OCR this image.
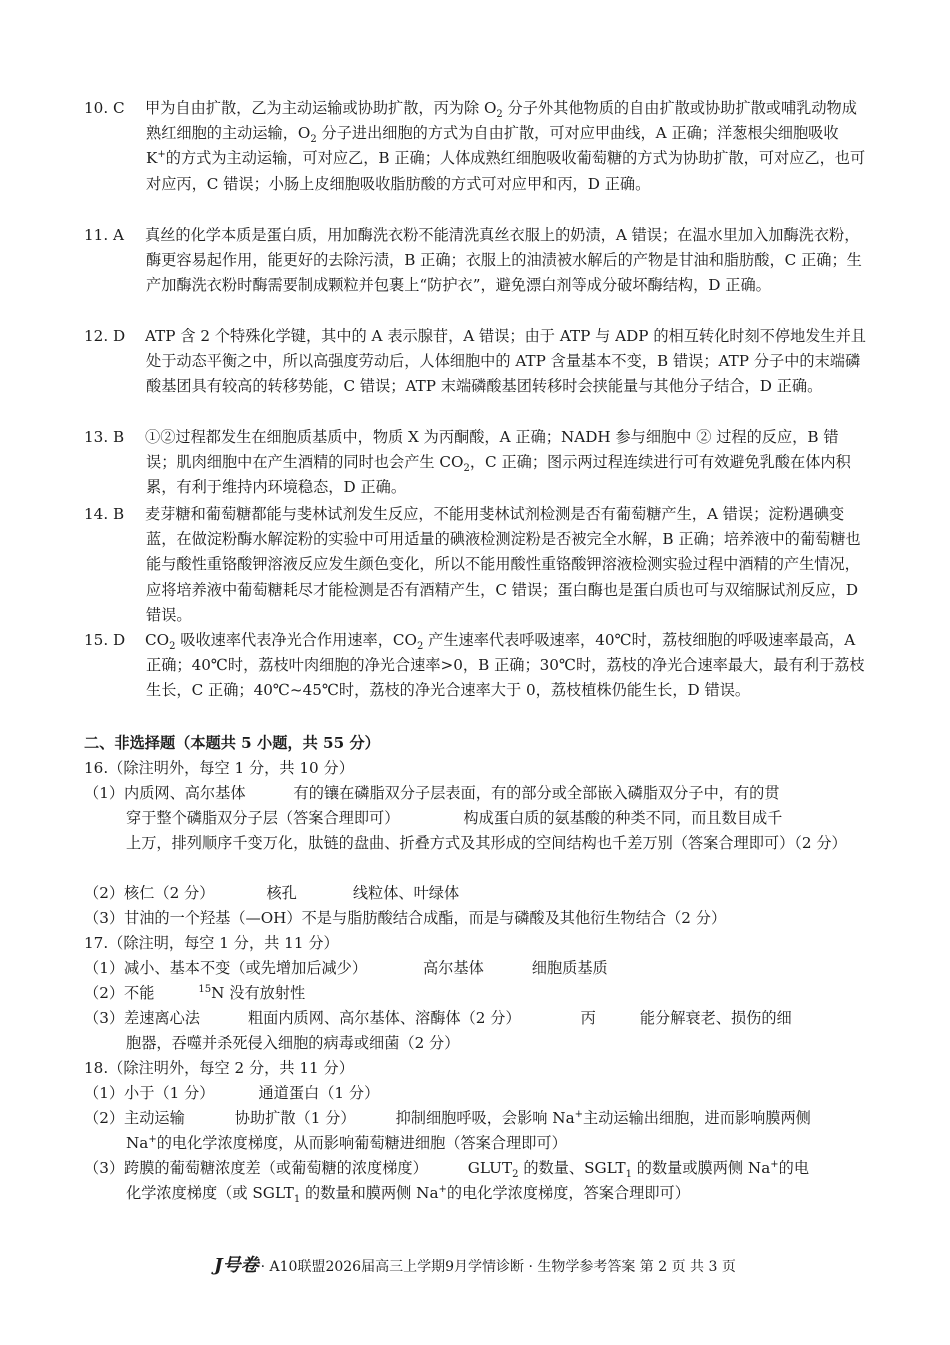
10. C	甲为自由扩散，乙为主动运输或协助扩散，丙为除 $O_2$ 分子外其他物质的自由扩散或协助扩散或哺乳动物成熟红细胞的主动运输，$O_2$ 分子进出细胞的方式为自由扩散，可对应甲曲线，A 正确；洋葱根尖细胞吸收 K+的方式为主动运输，可对应乙，B 正确；人体成熟红细胞吸收葡萄糖的方式为协助扩散，可对应乙，也可对应丙，C 错误；小肠上皮细胞吸收脂肪酸的方式可对应甲和丙，D 正确。
11. A	真丝的化学本质是蛋白质，用加酶洗衣粉不能清洗真丝衣服上的奶渍，A 错误；在温水里加入加酶洗衣粉，酶更容易起作用，能更好的去除污渍，B 正确；衣服上的油渍被水解后的产物是甘油和脂肪酸，C 正确；生产加酶洗衣粉时酶需要制成颗粒并包裹上“防护衣”，避免漂白剂等成分破坏酶结构，D 正确。
12. D	ATP 含 2 个特殊化学键，其中的 A 表示腺苷，A 错误；由于 ATP 与 ADP 的相互转化时刻不停地发生并且处于动态平衡之中，所以高强度劳动后，人体细胞中的 ATP 含量基本不变，B 错误；ATP 分子中的末端磷酸基团具有较高的转移势能，C 错误；ATP 末端磷酸基团转移时会挟能量与其他分子结合，D 正确。
13. B	①②过程都发生在细胞质基质中，物质 X 为丙酮酸，A 正确；NADH 参与细胞中 ② 过程的反应，B 错误；肌肉细胞中在产生酒精的同时也会产生 $CO_2$，C 正确；图示两过程连续进行可有效避免乳酸在体内积累，有利于维持内环境稳态，D 正确。
14. B	麦芽糖和葡萄糖都能与斐林试剂发生反应，不能用斐林试剂检测是否有葡萄糖产生，A 错误；淀粉遇碘变蓝，在做淀粉酶水解淀粉的实验中可用适量的碘液检测淀粉是否被完全水解，B 正确；培养液中的葡萄糖也能与酸性重铬酸钾溶液反应发生颜色变化，所以不能用酸性重铬酸钾溶液检测实验过程中酒精的产生情况，应将培养液中葡萄糖耗尽才能检测是否有酒精产生，C 错误；蛋白酶也是蛋白质也可与双缩脲试剂反应，D 错误。
15. D	$CO_2$ 吸收速率代表净光合作用速率，$CO_2$ 产生速率代表呼吸速率，40℃时，荔枝细胞的呼吸速率最高，A 正确；40℃时，荔枝叶肉细胞的净光合速率>0，B 正确；30℃时，荔枝的净光合速率最大，最有利于荔枝生长，C 正确；40℃~45℃时，荔枝的净光合速率大于 0，荔枝植株仍能生长，D 错误。
二、非选择题（本题共 5 小题，共 55 分）
16.（除注明外，每空 1 分，共 10 分）
（1）内质网、高尔基体	有的镶在磷脂双分子层表面，有的部分或全部嵌入磷脂双分子中，有的贯
穿于整个磷脂双分子层（答案合理即可）	构成蛋白质的氨基酸的种类不同，而且数目成千
上万，排列顺序千变万化，肽链的盘曲、折叠方式及其形成的空间结构也千差万别（答案合理即可）（2 分）
（2）核仁（2 分）	核孔	线粒体、叶绿体
（3）甘油的一个羟基（—OH）不是与脂肪酸结合成酯，而是与磷酸及其他衍生物结合（2 分）
17.（除注明，每空 1 分，共 11 分）
（1）减小、基本不变（或先增加后减少）	高尔基体	细胞质基质
（2）不能	$^{15}$N 没有放射性
（3）差速离心法	粗面内质网、高尔基体、溶酶体（2 分）	丙	能分解衰老、损伤的细
胞器，吞噬并杀死侵入细胞的病毒或细菌（2 分）
18.（除注明外，每空 2 分，共 11 分）
（1）小于（1 分）	通道蛋白（1 分）
（2）主动运输	协助扩散（1 分）	抑制细胞呼吸，会影响 Na+主动运输出细胞，进而影响膜两侧
Na+的电化学浓度梯度，从而影响葡萄糖进细胞（答案合理即可）
（3）跨膜的葡萄糖浓度差（或葡萄糖的浓度梯度）	$GLUT_2$ 的数量、$SGLT_1$ 的数量或膜两侧 Na+的电
化学浓度梯度（或 $SGLT_1$ 的数量和膜两侧 Na+的电化学浓度梯度，答案合理即可）
J号卷 · A10联盟2026届高三上学期9月学情诊断 · 生物学参考答案 第 2 页 共 3 页
